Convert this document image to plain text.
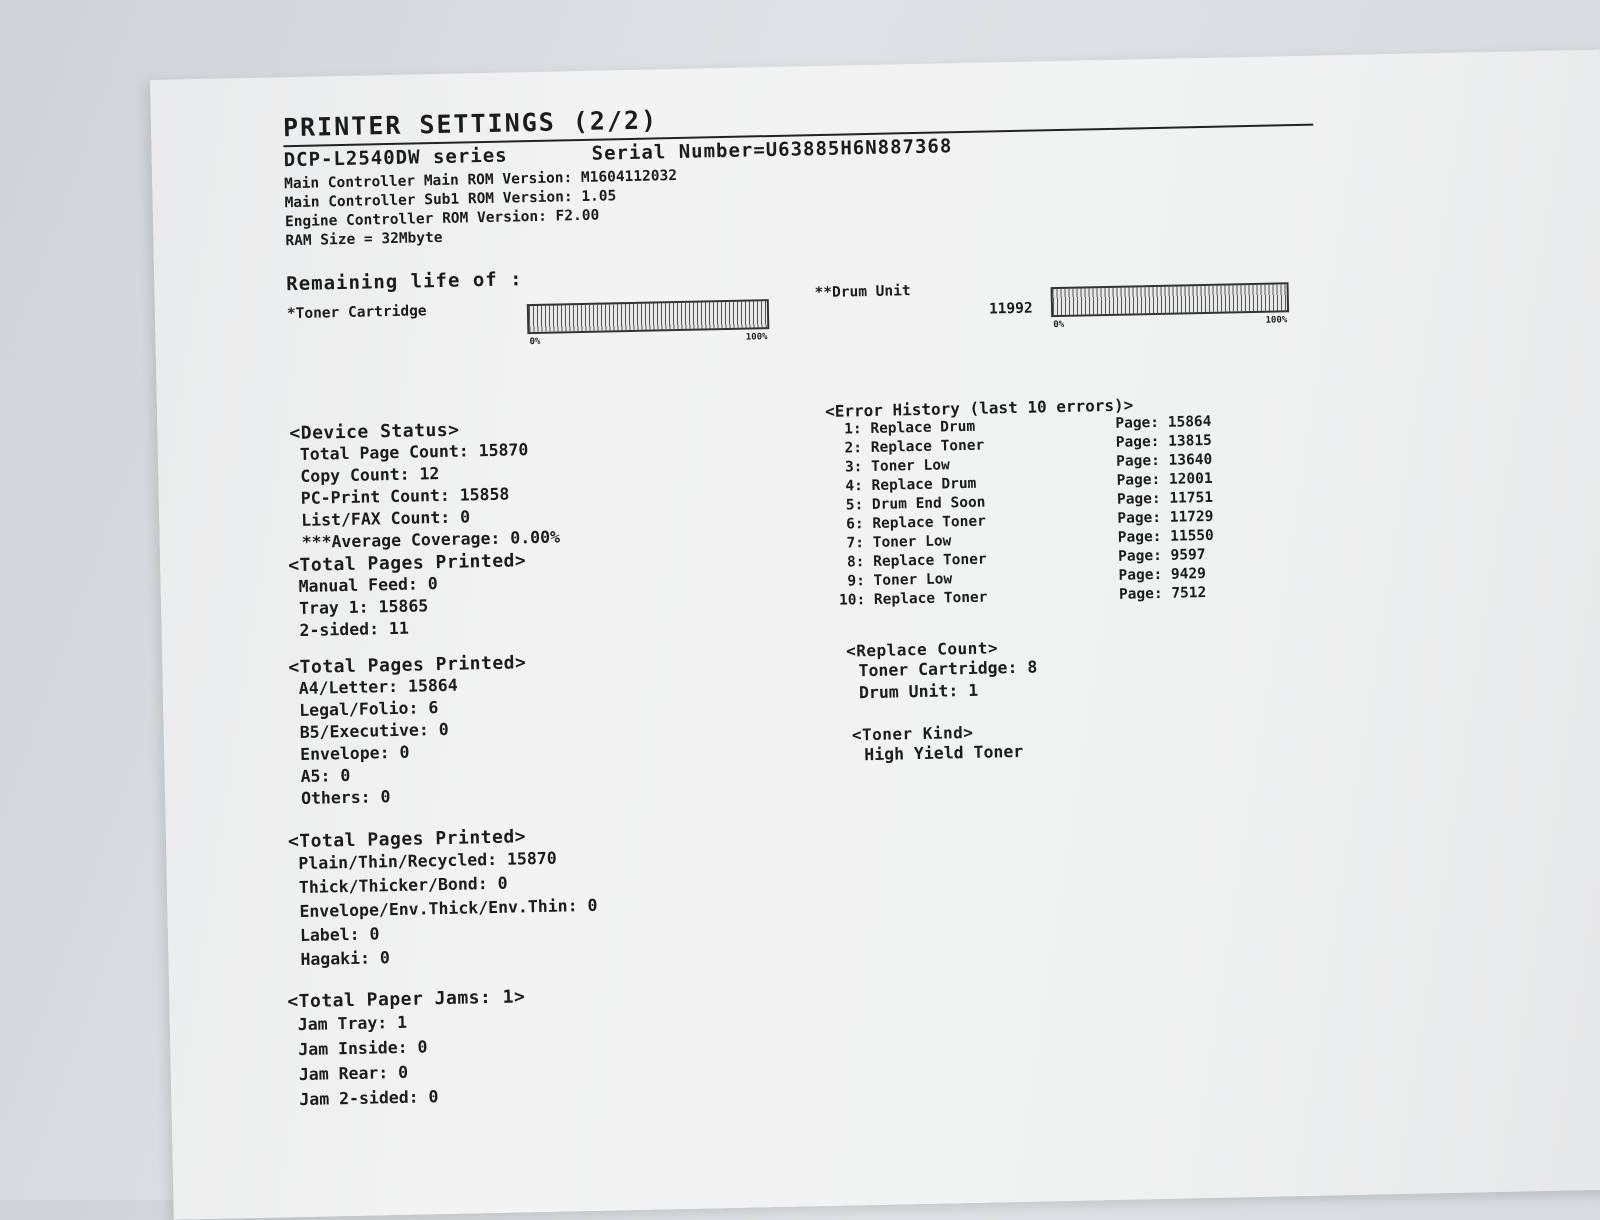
PRINTER SETTINGS (2/2)
DCP-L2540DW series	Serial Number=U63885H6N887368
Main Controller Main ROM Version: M1604112032
Main Controller Sub1 ROM Version: 1.05
Engine Controller ROM Version: F2.00
RAM Size = 32Mbyte
Remaining life of :
*Toner Cartridge
0%	100%
**Drum Unit
11992
0%	100%
<Device Status>
Total Page Count: 15870
Copy Count: 12
PC-Print Count: 15858
List/FAX Count: 0
***Average Coverage: 0.00%
<Total Pages Printed>
Manual Feed: 0
Tray 1: 15865
2-sided: 11
<Total Pages Printed>
A4/Letter: 15864
Legal/Folio: 6
B5/Executive: 0
Envelope: 0
A5: 0
Others: 0
<Total Pages Printed>
Plain/Thin/Recycled: 15870
Thick/Thicker/Bond: 0
Envelope/Env.Thick/Env.Thin: 0
Label: 0
Hagaki: 0
<Total Paper Jams: 1>
Jam Tray: 1
Jam Inside: 0
Jam Rear: 0
Jam 2-sided: 0
<Error History (last 10 errors)>
1: Replace Drum	Page: 15864
2: Replace Toner	Page: 13815
3: Toner Low	Page: 13640
4: Replace Drum	Page: 12001
5: Drum End Soon	Page: 11751
6: Replace Toner	Page: 11729
7: Toner Low	Page: 11550
8: Replace Toner	Page: 9597
9: Toner Low	Page: 9429
10: Replace Toner	Page: 7512
<Replace Count>
Toner Cartridge: 8
Drum Unit: 1
<Toner Kind>
High Yield Toner
